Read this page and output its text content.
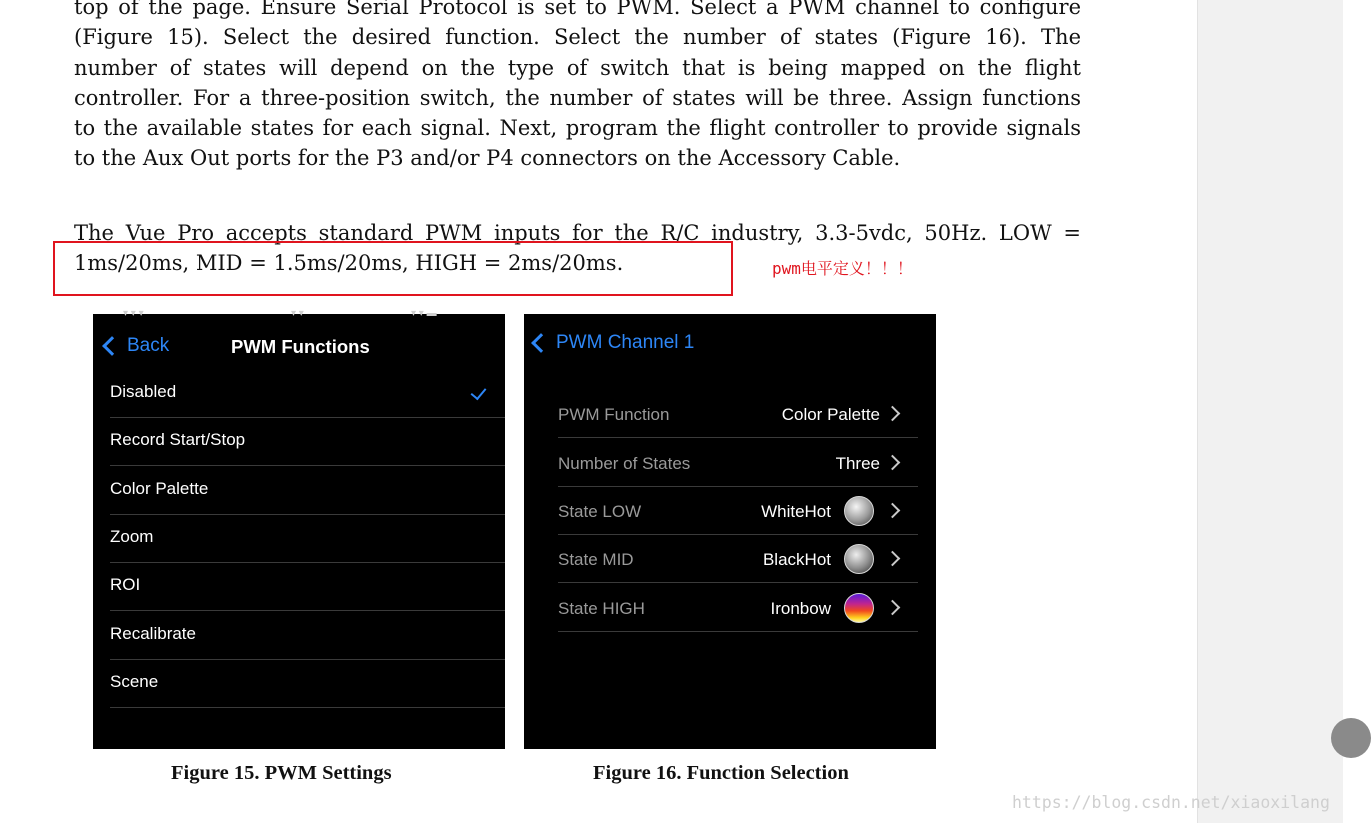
top of the page. Ensure Serial Protocol is set to PWM. Select a PWM channel to configure
(Figure 15). Select the desired function. Select the number of states (Figure 16). The
number of states will depend on the type of switch that is being mapped on the flight
controller. For a three-position switch, the number of states will be three. Assign functions
to the available states for each signal. Next, program the flight controller to provide signals
to the Aux Out ports for the P3 and/or P4 connectors on the Accessory Cable.
The Vue Pro accepts standard PWM inputs for the R/C industry, 3.3-5vdc, 50Hz. LOW =
1ms/20ms, MID = 1.5ms/20ms, HIGH = 2ms/20ms.	pwm电平定义！！！
▾ ▾ ▾	▾ ▾	▾ ▾ ▬
Back	PWM Functions
Disabled
Record Start/Stop
Color Palette
Zoom
ROI
Recalibrate
Scene
PWM Channel 1
PWM Function	Color Palette
Number of States	Three
State LOW	WhiteHot
State MID	BlackHot
State HIGH	Ironbow
Figure 15. PWM Settings	Figure 16. Function Selection
https://blog.csdn.net/xiaoxilang
